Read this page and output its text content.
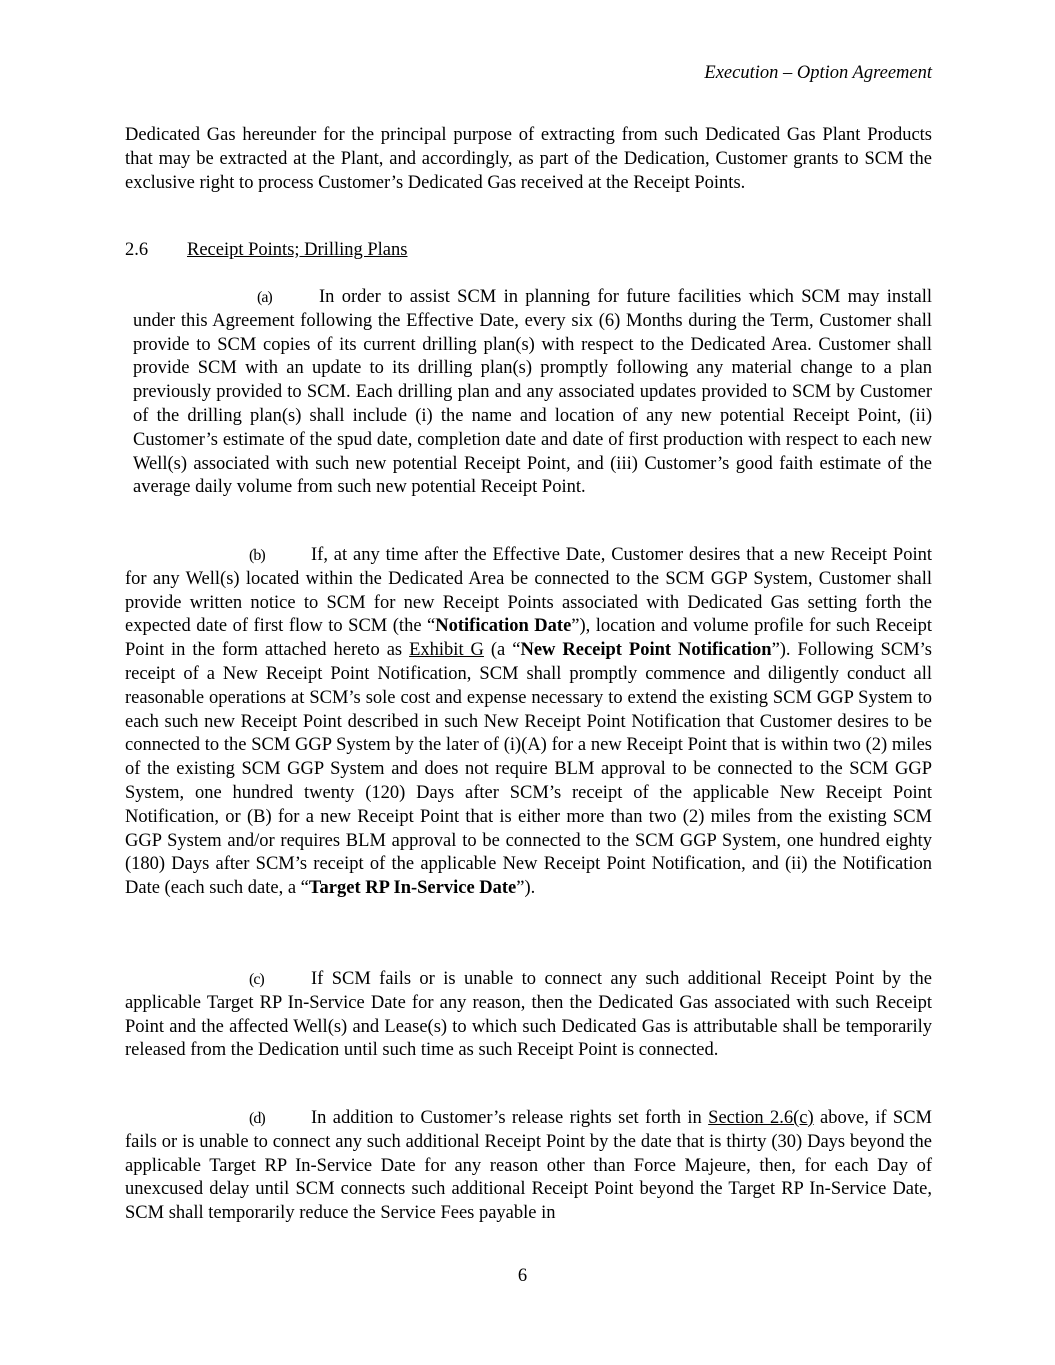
Execution – Option Agreement
Dedicated Gas hereunder for the principal purpose of extracting from such Dedicated Gas Plant Products that may be extracted at the Plant, and accordingly, as part of the Dedication, Customer grants to SCM the exclusive right to process Customer’s Dedicated Gas received at the Receipt Points.
2.6 Receipt Points; Drilling Plans
(a)	In order to assist SCM in planning for future facilities which SCM may install under this Agreement following the Effective Date, every six (6) Months during the Term, Customer shall provide to SCM copies of its current drilling plan(s) with respect to the Dedicated Area. Customer shall provide SCM with an update to its drilling plan(s) promptly following any material change to a plan previously provided to SCM. Each drilling plan and any associated updates provided to SCM by Customer of the drilling plan(s) shall include (i) the name and location of any new potential Receipt Point, (ii) Customer’s estimate of the spud date, completion date and date of first production with respect to each new Well(s) associated with such new potential Receipt Point, and (iii) Customer’s good faith estimate of the average daily volume from such new potential Receipt Point.
(b)	If, at any time after the Effective Date, Customer desires that a new Receipt Point for any Well(s) located within the Dedicated Area be connected to the SCM GGP System, Customer shall provide written notice to SCM for new Receipt Points associated with Dedicated Gas setting forth the expected date of first flow to SCM (the “Notification Date”), location and volume profile for such Receipt Point in the form attached hereto as Exhibit G (a “New Receipt Point Notification”). Following SCM’s receipt of a New Receipt Point Notification, SCM shall promptly commence and diligently conduct all reasonable operations at SCM’s sole cost and expense necessary to extend the existing SCM GGP System to each such new Receipt Point described in such New Receipt Point Notification that Customer desires to be connected to the SCM GGP System by the later of (i)(A) for a new Receipt Point that is within two (2) miles of the existing SCM GGP System and does not require BLM approval to be connected to the SCM GGP System, one hundred twenty (120) Days after SCM’s receipt of the applicable New Receipt Point Notification, or (B) for a new Receipt Point that is either more than two (2) miles from the existing SCM GGP System and/or requires BLM approval to be connected to the SCM GGP System, one hundred eighty (180) Days after SCM’s receipt of the applicable New Receipt Point Notification, and (ii) the Notification Date (each such date, a “Target RP In-Service Date”).
(c)	If SCM fails or is unable to connect any such additional Receipt Point by the applicable Target RP In-Service Date for any reason, then the Dedicated Gas associated with such Receipt Point and the affected Well(s) and Lease(s) to which such Dedicated Gas is attributable shall be temporarily released from the Dedication until such time as such Receipt Point is connected.
(d)	In addition to Customer’s release rights set forth in Section 2.6(c) above, if SCM fails or is unable to connect any such additional Receipt Point by the date that is thirty (30) Days beyond the applicable Target RP In-Service Date for any reason other than Force Majeure, then, for each Day of unexcused delay until SCM connects such additional Receipt Point beyond the Target RP In-Service Date, SCM shall temporarily reduce the Service Fees payable in
6
